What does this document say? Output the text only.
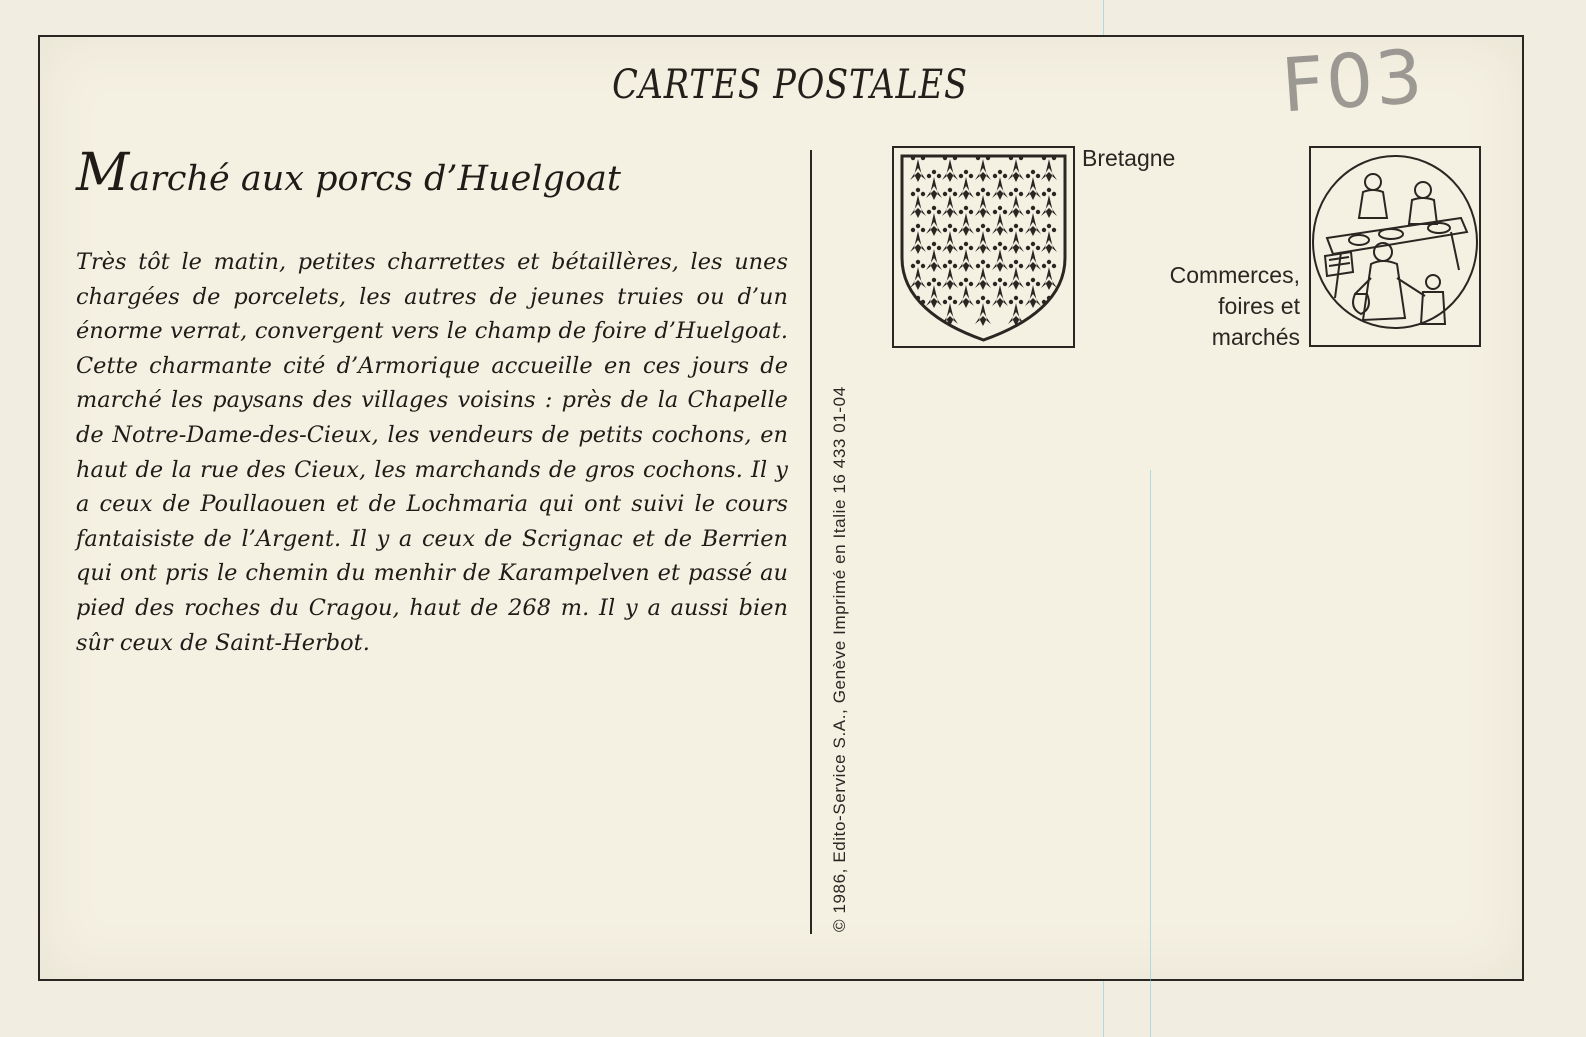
CARTES POSTALES	F03
Marché aux porcs d’Huelgoat

Très tôt le matin, petites charrettes et bétaillères, les unes chargées de porcelets, les autres de jeunes truies ou d’un énorme verrat, convergent vers le champ de foire d’Huelgoat. Cette charmante cité d’Armorique accueille en ces jours de marché les paysans des villages voisins : près de la Chapelle de Notre-Dame-des-Cieux, les vendeurs de petits cochons, en haut de la rue des Cieux, les marchands de gros cochons. Il y a ceux de Poullaouen et de Lochmaria qui ont suivi le cours fantaisiste de l’Argent. Il y a ceux de Scrignac et de Berrien qui ont pris le chemin du menhir de Karampelven et passé au pied des roches du Cragou, haut de 268 m. Il y a aussi bien sûr ceux de Saint-Herbot.	© 1986, Edito-Service S.A., Genève Imprimé en Italie 16 433 01-04
Bretagne
Commerces,
foires et
marchés
